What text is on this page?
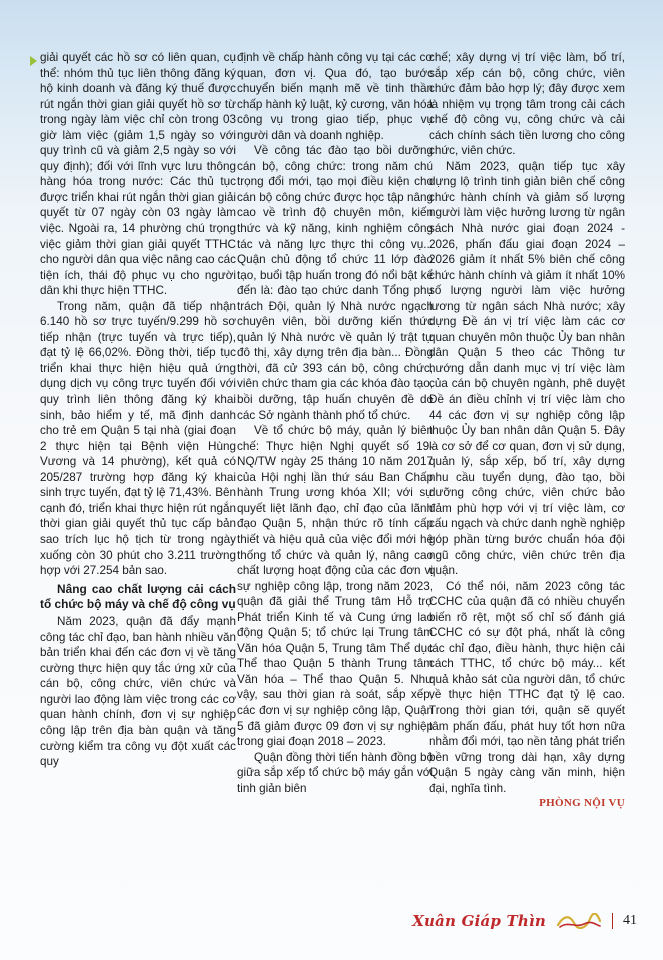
giải quyết các hồ sơ có liên quan, cụ thể: nhóm thủ tục liên thông đăng ký hộ kinh doanh và đăng ký thuế được rút ngắn thời gian giải quyết hồ sơ từ trong ngày làm việc chỉ còn trong 03 giờ làm việc (giảm 1,5 ngày so với quy trình cũ và giảm 2,5 ngày so với quy định); đối với lĩnh vực lưu thông hàng hóa trong nước: Các thủ tục được triển khai rút ngắn thời gian giải quyết từ 07 ngày còn 03 ngày làm việc. Ngoài ra, 14 phường chú trọng việc giảm thời gian giải quyết TTHC cho người dân qua việc nâng cao các tiện ích, thái độ phục vụ cho người dân khi thực hiện TTHC.

Trong năm, quận đã tiếp nhận 6.140 hồ sơ trực tuyến/9.299 hồ sơ tiếp nhận (trực tuyến và trực tiếp), đạt tỷ lệ 66,02%. Đồng thời, tiếp tục triển khai thực hiện hiệu quả ứng dụng dịch vụ công trực tuyến đối với quy trình liên thông đăng ký khai sinh, bảo hiểm y tế, mã định danh cho trẻ em Quận 5 tại nhà (giai đoạn 2 thực hiện tại Bệnh viện Hùng Vương và 14 phường), kết quả có 205/287 trường hợp đăng ký khai sinh trực tuyến, đạt tỷ lệ 71,43%. Bên cạnh đó, triển khai thực hiện rút ngắn thời gian giải quyết thủ tục cấp bản sao trích lục hộ tịch từ trong ngày xuống còn 30 phút cho 3.211 trường hợp với 27.254 bản sao.

Nâng cao chất lượng cải cách tổ chức bộ máy và chế độ công vụ

Năm 2023, quận đã đẩy mạnh công tác chỉ đạo, ban hành nhiều văn bản triển khai đến các đơn vị về tăng cường thực hiện quy tắc ứng xử của cán bộ, công chức, viên chức và người lao động làm việc trong các cơ quan hành chính, đơn vị sự nghiệp công lập trên địa bàn quận và tăng cường kiểm tra công vụ đột xuất các quy

định về chấp hành công vụ tại các cơ quan, đơn vị. Qua đó, tạo bước chuyển biến mạnh mẽ về tinh thần chấp hành kỷ luật, kỷ cương, văn hóa công vụ trong giao tiếp, phục vụ người dân và doanh nghiệp.

Về công tác đào tạo bồi dưỡng cán bộ, công chức: trong năm chú trọng đổi mới, tạo mọi điều kiện cho cán bộ công chức được học tập nâng cao về trình độ chuyên môn, kiến thức và kỹ năng, kinh nghiệm công tác và năng lực thực thi công vụ... Quận chủ động tổ chức 11 lớp đào tạo, buổi tập huấn trong đó nổi bật kể đến là: đào tạo chức danh Tổng phụ trách Đội, quản lý Nhà nước ngạch chuyên viên, bồi dưỡng kiến thức quản lý Nhà nước về quản lý trật tự đô thị, xây dựng trên địa bàn... Đồng thời, đã cử 393 cán bộ, công chức, viên chức tham gia các khóa đào tạo, bồi dưỡng, tập huấn chuyên đề do các Sở ngành thành phố tổ chức.

Về tổ chức bộ máy, quản lý biên chế: Thực hiện Nghị quyết số 19-NQ/TW ngày 25 tháng 10 năm 2017 của Hội nghị lần thứ sáu Ban Chấp hành Trung ương khóa XII; với sự quyết liệt lãnh đạo, chỉ đạo của lãnh đạo Quận 5, nhận thức rõ tính cấp thiết và hiệu quả của việc đổi mới hệ thống tổ chức và quản lý, nâng cao chất lượng hoạt động của các đơn vị sự nghiệp công lập, trong năm 2023, quận đã giải thể Trung tâm Hỗ trợ Phát triển Kinh tế và Cung ứng lao động Quận 5; tổ chức lại Trung tâm Văn hóa Quận 5, Trung tâm Thể dục Thể thao Quận 5 thành Trung tâm Văn hóa – Thể thao Quận 5. Như vậy, sau thời gian rà soát, sắp xếp, các đơn vị sự nghiệp công lập, Quận 5 đã giảm được 09 đơn vị sự nghiệp trong giai đoạn 2018 – 2023.

Quận đồng thời tiến hành đồng bộ giữa sắp xếp tổ chức bộ máy gắn với tinh giản biên

chế; xây dựng vị trí việc làm, bố trí, sắp xếp cán bộ, công chức, viên chức đảm bảo hợp lý; đây được xem là nhiệm vụ trọng tâm trong cải cách chế độ công vụ, công chức và cải cách chính sách tiền lương cho công chức, viên chức.

Năm 2023, quận tiếp tục xây dựng lộ trình tinh giản biên chế công chức hành chính và giảm số lượng người làm việc hưởng lương từ ngân sách Nhà nước giai đoạn 2024 - 2026, phấn đấu giai đoạn 2024 – 2026 giảm ít nhất 5% biên chế công chức hành chính và giảm ít nhất 10% số lượng người làm việc hưởng lương từ ngân sách Nhà nước; xây dựng Đề án vị trí việc làm các cơ quan chuyên môn thuộc Ủy ban nhân dân Quận 5 theo các Thông tư hướng dẫn danh mục vị trí việc làm của cán bộ chuyên ngành, phê duyệt Đề án điều chỉnh vị trí việc làm cho 44 các đơn vị sự nghiệp công lập thuộc Ủy ban nhân dân Quận 5. Đây là cơ sở để cơ quan, đơn vị sử dụng, quản lý, sắp xếp, bố trí, xây dựng nhu cầu tuyển dụng, đào tạo, bồi dưỡng công chức, viên chức bảo đảm phù hợp với vị trí việc làm, cơ cấu ngạch và chức danh nghề nghiệp góp phần từng bước chuẩn hóa đội ngũ công chức, viên chức trên địa quận.

Có thể nói, năm 2023 công tác CCHC của quận đã có nhiều chuyển biến rõ rệt, một số chỉ số đánh giá CCHC có sự đột phá, nhất là công tác chỉ đạo, điều hành, thực hiện cải cách TTHC, tổ chức bộ máy... kết quả khảo sát của người dân, tổ chức về thực hiện TTHC đạt tỷ lệ cao. Trong thời gian tới, quận sẽ quyết tâm phấn đấu, phát huy tốt hơn nữa nhằm đổi mới, tạo nền tảng phát triển bền vững trong dài hạn, xây dựng Quận 5 ngày càng văn minh, hiện đại, nghĩa tình.

PHÒNG NỘI VỤ

Xuân Giáp Thìn	41
